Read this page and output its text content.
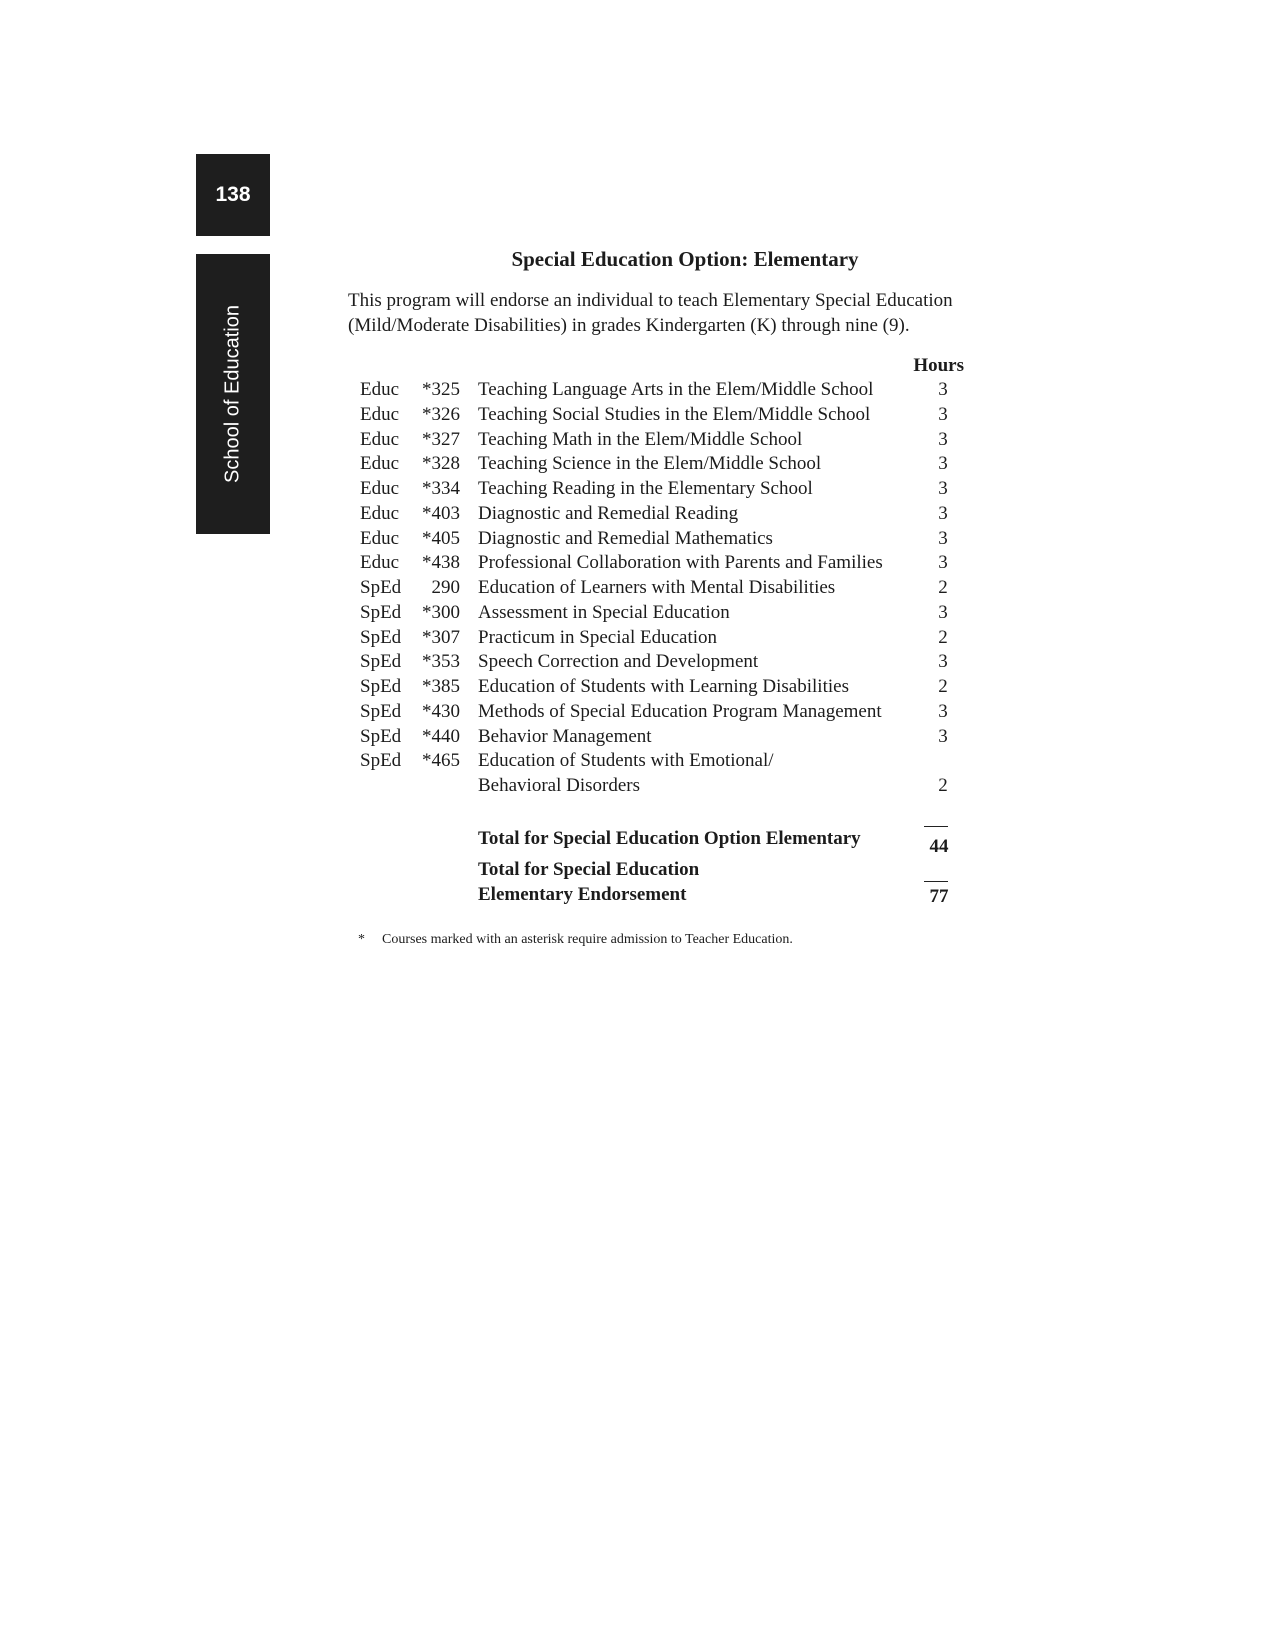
138
School of Education
Special Education Option: Elementary
This program will endorse an individual to teach Elementary Special Education (Mild/Moderate Disabilities) in grades Kindergarten (K) through nine (9).
Hours
Educ	*325 Teaching Language Arts in the Elem/Middle School	3
Educ	*326 Teaching Social Studies in the Elem/Middle School	3
Educ	*327 Teaching Math in the Elem/Middle School	3
Educ	*328 Teaching Science in the Elem/Middle School	3
Educ	*334 Teaching Reading in the Elementary School	3
Educ	*403 Diagnostic and Remedial Reading	3
Educ	*405 Diagnostic and Remedial Mathematics	3
Educ	*438 Professional Collaboration with Parents and Families	3
SpEd	290 Education of Learners with Mental Disabilities	2
SpEd	*300 Assessment in Special Education	3
SpEd	*307 Practicum in Special Education	2
SpEd	*353 Speech Correction and Development	3
SpEd	*385 Education of Students with Learning Disabilities	2
SpEd	*430 Methods of Special Education Program Management	3
SpEd	*440 Behavior Management	3
SpEd	*465 Education of Students with Emotional/
Behavioral Disorders	2
Total for Special Education Option Elementary	44
Total for Special Education
Elementary Endorsement	77
* Courses marked with an asterisk require admission to Teacher Education.
